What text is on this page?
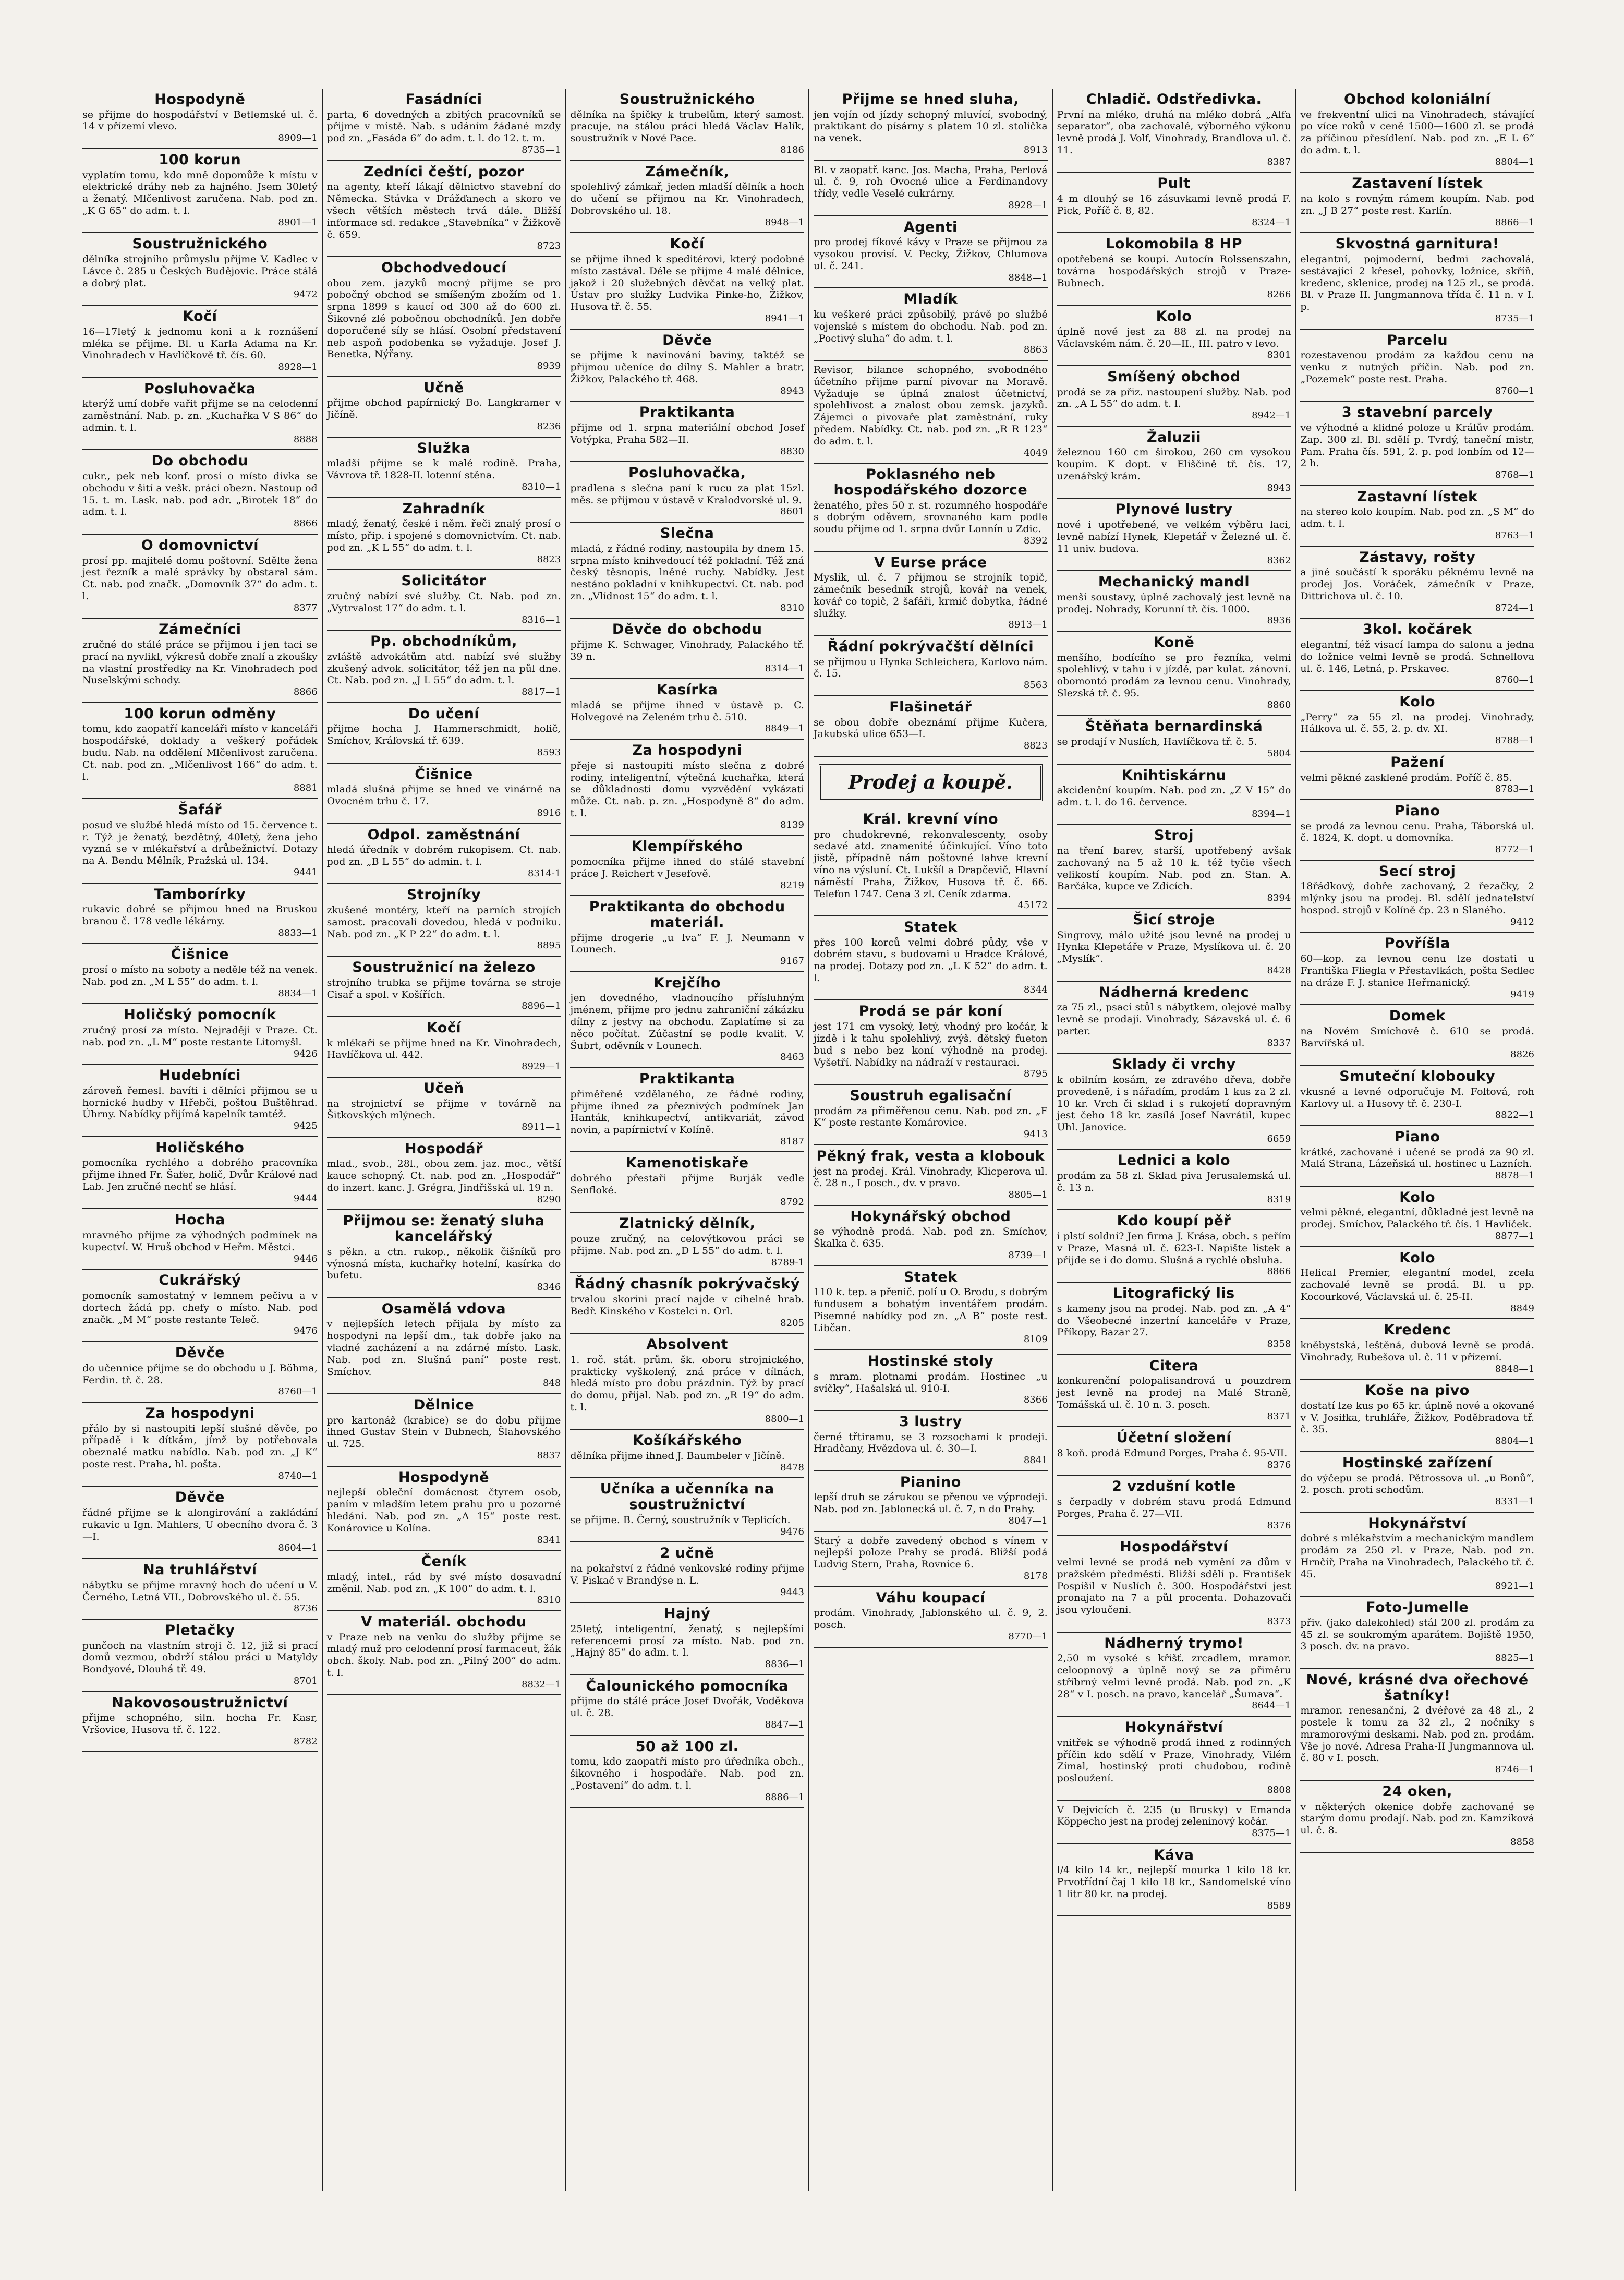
Hospodyně

se přijme do hospodářství v Betlemské ul. č. 14 v přízemí vlevo.

8909—1
100 korun

vyplatím tomu, kdo mně dopomůže k místu v elektrické dráhy neb za hajného. Jsem 30letý a ženatý. Mlčenlivost zaručena. Nab. pod zn. „K G 65“ do adm. t. l.

8901—1
Soustružnického

dělníka strojního průmyslu přijme V. Kadlec v Lávce č. 285 u Českých Budějovic. Práce stálá a dobrý plat.

9472
Kočí

16—17letý k jednomu koni a k roznášení mléka se přijme. Bl. u Karla Adama na Kr. Vinohradech v Havlíčkově tř. čís. 60.

8928—1
Posluhovačka

kterýž umí dobře vařit přijme se na celodenní zaměstnání. Nab. p. zn. „Kuchařka V S 86“ do admin. t. l.

8888
Do obchodu

cukr., pek neb konf. prosí o místo divka se obchodu v šití a vešk. práci obezn. Nastoup od 15. t. m. Lask. nab. pod adr. „Birotek 18“ do adm. t. l.

8866
O domovnictví

prosí pp. majitelé domu poštovní. Sdělte žena jest řezník a malé správky by obstaral sám. Ct. nab. pod značk. „Domovník 37“ do adm. t. l.

8377
Zámečníci

zručné do stálé práce se přijmou i jen taci se prací na nyvlikl, výkresů dobře znalí a zkoušky na vlastní prostředky na Kr. Vinohradech pod Nuselskými schody.

8866
100 korun odměny

tomu, kdo zaopatří kanceláři místo v kanceláři hospodářské, doklady a veškerý pořádek budu. Nab. na oddělení Mlčenlivost zaručena. Ct. nab. pod zn. „Mlčenlivost 166“ do adm. t. l.

8881
Šafář

posud ve službě hledá místo od 15. července t. r. Týž je ženatý, bezdětný, 40letý, žena jeho vyzná se v mlékařství a drůbežnictví. Dotazy na A. Bendu Mělník, Pražská ul. 134.

9441
Tamborírky

rukavic dobré se přijmou hned na Bruskou branou č. 178 vedle lékárny.

8833—1
Čišnice

prosí o místo na soboty a neděle též na venek. Nab. pod zn. „M L 55“ do adm. t. l.

8834—1
Holičský pomocník

zručný prosí za místo. Nejraději v Praze. Ct. nab. pod zn. „L M“ poste restante Litomyšl.

9426
Hudebníci

zároveň řemesl. bavíti i dělníci přijmou se u hornické hudby v Hřebči, poštou Buštěhrad. Úhrny. Nabídky přijímá kapelník tamtéž.

9425
Holičského

pomocníka rychlého a dobrého pracovníka přijme ihned Fr. Šafer, holič, Dvůr Králové nad Lab. Jen zručné nechť se hlásí.

9444
Hocha

mravného přijme za výhodných podmínek na kupectví. W. Hruš obchod v Heřm. Městci.

9446
Cukrářský

pomocník samostatný v lemnem pečivu a v dortech žádá pp. chefy o místo. Nab. pod značk. „M M“ poste restante Teleč.

9476
Děvče

do učennice přijme se do obchodu u J. Böhma, Ferdin. tř. č. 28.

8760—1
Za hospodyni

přálo by si nastoupiti lepší slušné děvče, po případě i k dítkám, jímž by potřebovala obeznalé matku nabídlo. Nab. pod zn. „J K“ poste rest. Praha, hl. pošta.

8740—1
Děvče

řádné přijme se k alongirování a zakládání rukavic u Ign. Mahlers, U obecního dvora č. 3—I.

8604—1
Na truhlářství

nábytku se přijme mravný hoch do učení u V. Černého, Letná VII., Dobrovského ul. č. 55.

8736
Pletačky

punčoch na vlastním stroji č. 12, již si prací domů vezmou, obdrží stálou práci u Matyldy Bondyové, Dlouhá tř. 49.

8701
Nakovosoustružnictví

přijme schopného, siln. hocha Fr. Kasr, Vršovice, Husova tř. č. 122.

8782
Fasádníci

parta, 6 dovedných a zbitých pracovníků se přijme v místě. Nab. s udáním žádané mzdy pod zn. „Fasáda 6“ do adm. t. l. do 12. t. m.

8735—1
Zedníci čeští, pozor

na agenty, kteří lákají dělnictvo stavební do Německa. Stávka v Drážďanech a skoro ve všech větších městech trvá dále. Bližší informace sd. redakce „Stavebníka“ v Žižkově č. 659.

8723
Obchodvedoucí

obou zem. jazyků mocný přijme se pro pobočný obchod se smíšeným zbožím od 1. srpna 1899 s kaucí od 300 až do 600 zl. Šikovné zlé pobočnou obchodníků. Jen dobře doporučené síly se hlásí. Osobní představení neb aspoň podobenka se vyžaduje. Josef J. Benetka, Nýřany.

8939
Učně

přijme obchod papírnický Bo. Langkramer v Jičíně.

8236
Služka

mladší přijme se k malé rodině. Praha, Vávrova tř. 1828-II. lotenní stěna.

8310—1
Zahradník

mladý, ženatý, české i něm. řeči znalý prosí o místo, přip. i spojené s domovnictvím. Ct. nab. pod zn. „K L 55“ do adm. t. l.

8823
Solicitátor

zručný nabízí své služby. Ct. Nab. pod zn. „Vytrvalost 17“ do adm. t. l.

8316—1
Pp. obchodníkům,

zvláště advokátům atd. nabízí své služby zkušený advok. solicitátor, též jen na půl dne. Ct. Nab. pod zn. „J L 55“ do adm. t. l.

8817—1
Do učení

přijme hocha J. Hammerschmidt, holič, Smíchov, Kráľovská tř. 639.

8593
Čišnice

mladá slušná přijme se hned ve vinárně na Ovocném trhu č. 17.

8916
Odpol. zaměstnání

hledá úředník v dobrém rukopisem. Ct. nab. pod zn. „B L 55“ do admin. t. l.

8314-1
Strojníky

zkušené montéry, kteří na parních strojích samost. pracovali dovedou, hledá v podniku. Nab. pod zn. „K P 22“ do adm. t. l.

8895
Soustružnicí na železo

strojního trubka se přijme továrna se stroje Cisař a spol. v Košířích.

8896—1
Kočí

k mlékaři se přijme hned na Kr. Vinohradech, Havlíčkova ul. 442.

8929—1
Učeň

na strojnictví se přijme v továrně na Šitkovských mlýnech.

8911—1
Hospodář

mlad., svob., 28l., obou zem. jaz. moc., větší kauce schopný. Ct. nab. pod zn. „Hospodář“ do inzert. kanc. J. Grégra, Jindřišská ul. 19 n.

8290
Přijmou se: ženatý sluha kancelářský

s pěkn. a ctn. rukop., několik čišníků pro výnosná místa, kuchařky hotelní, kasírka do bufetu.

8346
Osamělá vdova

v nejlepších letech přijala by místo za hospodyni na lepší dm., tak dobře jako na vladné zacházení a na zdárné místo. Lask. Nab. pod zn. Slušná paní“ poste rest. Smíchov.

848
Dělnice

pro kartonáž (krabice) se do dobu přijme ihned Gustav Stein v Bubnech, Šlahovského ul. 725.

8837
Hospodyně

nejlepší obleční domácnost čtyrem osob, paním v mladším letem prahu pro u pozorné hledání. Nab. pod zn. „A 15“ poste rest. Konárovice u Kolína.

8341
Čeník

mladý, intel., rád by své místo dosavadní změnil. Nab. pod zn. „K 100“ do adm. t. l.

8310
V materiál. obchodu

v Praze neb na venku do služby přijme se mladý muž pro celodenní prosí farmaceut, žák obch. školy. Nab. pod zn. „Pilný 200“ do adm. t. l.

8832—1
Soustružnického

dělníka na špičky k trubelům, který samost. pracuje, na stálou práci hledá Václav Halík, soustružník v Nové Pace.

8186
Zámečník,

spolehlivý zámkař, jeden mladší dělník a hoch do učení se přijmou na Kr. Vinohradech, Dobrovského ul. 18.

8948—1
Kočí

se přijme ihned k speditérovi, který podobné místo zastával. Déle se přijme 4 malé dělnice, jakož i 20 služebných děvčat na velký plat. Ústav pro služky Ludvika Pinke-ho, Žižkov, Husova tř. č. 55.

8941—1
Děvče

se přijme k navinování baviny, taktéž se přijmou učeníce do dílny S. Mahler a bratr, Žižkov, Palackého tř. 468.

8943
Praktikanta

přijme od 1. srpna materiální obchod Josef Votýpka, Praha 582—II.

8830
Posluhovačka,

pradlena s slečna paní k rucu za plat 15zl. měs. se přijmou v ústavě v Kralodvorské ul. 9.

8601
Slečna

mladá, z řádné rodiny, nastoupila by dnem 15. srpna místo knihvedoucí též pokladní. Též zná český těsnopis, lněné ruchy. Nabídky. Jest nestáno pokladní v knihkupectví. Ct. nab. pod zn. „Vlídnost 15“ do adm. t. l.

8310
Děvče do obchodu

přijme K. Schwager, Vinohrady, Palackého tř. 39 n.

8314—1
Kasírka

mladá se přijme ihned v ústavě p. C. Holvegové na Zeleném trhu č. 510.

8849—1
Za hospodyni

přeje si nastoupiti místo slečna z dobré rodiny, inteligentní, výtečná kuchařka, která se důkladnosti domu vyzvědění vykázati může. Ct. nab. p. zn. „Hospodyně 8“ do adm. t. l.

8139
Klempířského

pomocníka přijme ihned do stálé stavební práce J. Reichert v Jesefově.

8219
Praktikanta do obchodu materiál.

přijme drogerie „u lva“ F. J. Neumann v Lounech.

9167
Krejčího

jen dovedného, vladnoucího přísluhným jménem, přijme pro jednu zahraniční zákázku dílny z jestvy na obchodu. Zaplatíme si za něco počítat. Zúčastní se podle kvalit. V. Šubrt, oděvník v Lounech.

8463
Praktikanta

přiměřeně vzdělaného, ze řádné rodiny, přijme ihned za přeznivých podmínek Jan Hanták, knihkupectví, antikvariát, závod novin, a papírnictví v Kolíně.

8187
Kamenotiskaře

dobrého přestaři přijme Burják vedle Senfloké.

8792
Zlatnický dělník,

pouze zručný, na celovýtkovou práci se přijme. Nab. pod zn. „D L 55“ do adm. t. l.

8789-1
Řádný chasník pokrývačský

trvalou skorini prací najde v cihelně hrab. Bedř. Kinského v Kostelci n. Orl.

8205
Absolvent

1. roč. stát. prům. šk. oboru strojnického, prakticky vyškolený, zná práce v dílnách, hledá místo pro dobu prázdnin. Týž by prací do domu, přijal. Nab. pod zn. „R 19“ do adm. t. l.

8800—1
Košíkářského

dělníka přijme ihned J. Baumbeler v Jičíně.

8478
Učníka a učenníka na soustružnictví

se přijme. B. Černý, soustružník v Teplicích.

9476
2 učně

na pokařství z řádné venkovské rodiny přijme V. Piskač v Brandýse n. L.

9443
Hajný

25letý, inteligentní, ženatý, s nejlepšími referencemi prosí za místo. Nab. pod zn. „Hajný 85“ do adm. t. l.

8836—1
Čalounického pomocníka

přijme do stálé práce Josef Dvořák, Voděkova ul. č. 28.

8847—1
50 až 100 zl.

tomu, kdo zaopatří místo pro úředníka obch., šikovného i hospodáře. Nab. pod zn. „Postavení“ do adm. t. l.

8886—1
Přijme se hned sluha,

jen vojín od jízdy schopný mluvící, svobodný, praktikant do písárny s platem 10 zl. stolička na venek.

8913

Bl. v zaopatř. kanc. Jos. Macha, Praha, Perlová ul. č. 9, roh Ovocné ulice a Ferdinandovy třídy, vedle Veselé cukrárny.

8928—1
Agenti

pro prodej fíkové kávy v Praze se přijmou za vysokou provisí. V. Pecky, Žižkov, Chlumova ul. č. 241.

8848—1
Mladík

ku veškeré práci způsobilý, právě po službě vojenské s místem do obchodu. Nab. pod zn. „Poctivý sluha“ do adm. t. l.

8863

Revisor, bilance schopného, svobodného účetního přijme parní pivovar na Moravě. Vyžaduje se úplná znalost účetnictví, spolehlivost a znalost obou zemsk. jazyků. Zájemci o pivovaře plat zaměstnání, ruky předem. Nabídky. Ct. nab. pod zn. „R R 123“ do adm. t. l.

4049
Poklasného neb hospodářského dozorce

ženatého, přes 50 r. st. rozumného hospodáře s dobrým oděvem, srovnaného kam podle soudu přijme od 1. srpna dvůr Lonnín u Zdic.

8392
V Eurse práce

Myslík, ul. č. 7 přijmou se strojník topič, zámečník besedník strojů, kovář na venek, kovář co topič, 2 šafáři, krmič dobytka, řádné služky.

8913—1
Řádní pokrývačští dělníci

se přijmou u Hynka Schleichera, Karlovo nám. č. 15.

8563
Flašinetář

se obou dobře obeznámí přijme Kučera, Jakubská ulice 653—I.

8823
Prodej a koupě.
Král. krevní víno

pro chudokrevné, rekonvalescenty, osoby sedavé atd. znamenité účinkující. Víno toto jistě, případně nám poštovné lahve krevní víno na výsluní. Ct. Lukšíl a Drapčevič, Hlavní náměstí Praha, Žižkov, Husova tř. č. 66. Telefon 1747. Cena 3 zl. Ceník zdarma.

45172
Statek

přes 100 korců velmi dobré půdy, vše v dobrém stavu, s budovami u Hradce Králové, na prodej. Dotazy pod zn. „L K 52“ do adm. t. l.

8344
Prodá se pár koní

jest 171 cm vysoký, letý, vhodný pro kočár, k jízdě i k tahu spolehlivý, zvýš. dětský fueton bud s nebo bez koní výhodně na prodej. Vyšetří. Nabídky na nádraží v restauraci.

8795
Soustruh egalisační

prodám za přiměřenou cenu. Nab. pod zn. „F K“ poste restante Komárovice.

9413
Pěkný frak, vesta a klobouk

jest na prodej. Král. Vinohrady, Klicperova ul. č. 28 n., I posch., dv. v pravo.

8805—1
Hokynářský obchod

se výhodně prodá. Nab. pod zn. Smíchov, Škalka č. 635.

8739—1
Statek

110 k. tep. a přenič. polí u O. Brodu, s dobrým fundusem a bohatým inventářem prodám. Pisemné nabídky pod zn. „A B“ poste rest. Libčan.

8109
Hostinské stoly

s mram. plotnami prodám. Hostinec „u svíčky“, Hašalská ul. 910-I.

8366
3 lustry

černé třtiramu, se 3 rozsochami k prodeji. Hradčany, Hvězdova ul. č. 30—I.

8841
Pianino

lepší druh se zárukou se přenou ve výprodeji. Nab. pod zn. Jablonecká ul. č. 7, n do Prahy.

8047—1

Starý a dobře zavedený obchod s vínem v nejlepší poloze Prahy se prodá. Bližší podá Ludvig Stern, Praha, Rovníce 6.

8178
Váhu koupací

prodám. Vinohrady, Jablonského ul. č. 9, 2. posch.

8770—1
Chladič. Odstředivka.

První na mléko, druhá na mléko dobrá „Alfa separator“, oba zachovalé, výborného výkonu levně prodá J. Volf, Vinohrady, Brandlova ul. č. 11.

8387
Pult

4 m dlouhý se 16 zásuvkami levně prodá F. Pick, Poříč č. 8, 82.

8324—1
Lokomobila 8 HP

opotřebená se koupí. Autocín Rolssenszahn, továrna hospodářských strojů v Praze-Bubnech.

8266
Kolo

úplně nové jest za 88 zl. na prodej na Václavském nám. č. 20—II., III. patro v levo.

8301
Smíšený obchod

prodá se za přiz. nastoupení služby. Nab. pod zn. „A L 55“ do adm. t. l.

8942—1
Žaluzii

železnou 160 cm širokou, 260 cm vysokou koupím. K dopt. v Eliščině tř. čís. 17, uzenářský krám.

8943
Plynové lustry

nové i upotřebené, ve velkém výběru laci, levně nabízí Hynek, Klepetář v Železné ul. č. 11 univ. budova.

8362
Mechanický mandl

menší soustavy, úplně zachovalý jest levně na prodej. Nohrady, Korunní tř. čís. 1000.

8936
Koně

menšího, bodícího se pro řezníka, velmi spolehlivý, v tahu i v jízdě, par kulat. zánovní. obomontó prodám za levnou cenu. Vinohrady, Slezská tř. č. 95.

8860
Štěňata bernardinská

se prodají v Nuslích, Havlíčkova tř. č. 5.

5804
Knihtiskárnu

akcidenční koupím. Nab. pod zn. „Z V 15“ do adm. t. l. do 16. července.

8394—1
Stroj

na tření barev, starší, upotřebený avšak zachovaný na 5 až 10 k. též tyčie všech velikostí koupím. Nab. pod zn. Stan. A. Barčáka, kupce ve Zdicích.

8394
Šicí stroje

Singrovy, málo užité jsou levně na prodej u Hynka Klepetáře v Praze, Myslíkova ul. č. 20 „Myslík“.

8428
Nádherná kredenc

za 75 zl., psací stůl s nábytkem, olejové malby levně se prodají. Vinohrady, Sázavská ul. č. 6 parter.

8337
Sklady či vrchy

k obilním kosám, ze zdravého dřeva, dobře provedeně, i s nářadím, prodám 1 kus za 2 zl. 10 kr. Vrch či sklad i s rukojetí dopravným jest čeho 18 kr. zasílá Josef Navrátil, kupec Uhl. Janovice.

6659
Lednici a kolo

prodám za 58 zl. Sklad piva Jerusalemská ul. č. 13 n.

8319
Kdo koupí pěř

i plstí soldní? Jen firma J. Krása, obch. s peřím v Praze, Masná ul. č. 623-I. Napište lístek a přijde se i do domu. Slušná a rychlé obsluha.

8866
Litografický lis

s kameny jsou na prodej. Nab. pod zn. „A 4“ do Všeobecné inzertní kanceláře v Praze, Příkopy, Bazar 27.

8358
Citera

konkurenční polopalisandrová u pouzdrem jest levně na prodej na Malé Straně, Tomášská ul. č. 10 n. 3. posch.

8371
Účetní složení

8 koň. prodá Edmund Porges, Praha č. 95-VII.

8376
2 vzdušní kotle

s čerpadly v dobrém stavu prodá Edmund Porges, Praha č. 27—VII.

8376
Hospodářství

velmi levné se prodá neb vymění za dům v pražském předměstí. Bližší sdělí p. František Pospíšil v Nuslích č. 300. Hospodářství jest pronajato na 7 a půl procenta. Dohazovači jsou vyloučeni.

8373
Nádherný trymo!

2,50 m vysoké s křišť. zrcadlem, mramor. celoopnový a úplně nový se za přiměru stříbrný velmi levně prodá. Nab. pod zn. „K 28“ v I. posch. na pravo, kancelář „Šumava“.

8644—1
Hokynářství

vnitřek se výhodně prodá ihned z rodinných příčin kdo sdělí v Praze, Vinohrady, Vilém Zímal, hostinský proti chudobou, rodině posloužení.

8808

V Dejvicích č. 235 (u Brusky) v Emanda Köppecho jest na prodej zeleninový kočár.

8375—1
Káva

l/4 kilo 14 kr., nejlepší mourka 1 kilo 18 kr. Prvotřídní čaj 1 kilo 18 kr., Sandomelské víno 1 litr 80 kr. na prodej.

8589
Obchod koloniální

ve frekventní ulici na Vinohradech, stávající po více roků v ceně 1500—1600 zl. se prodá za příčinou přesídlení. Nab. pod zn. „E L 6“ do adm. t. l.

8804—1
Zastavení lístek

na kolo s rovným rámem koupím. Nab. pod zn. „J B 27“ poste rest. Karlín.

8866—1
Skvostná garnitura!

elegantní, pojmoderní, bedmi zachovalá, sestávající 2 křesel, pohovky, ložnice, skříň, kredenc, sklenice, prodej na 125 zl., se prodá. Bl. v Praze II. Jungmannova třída č. 11 n. v I. p.

8735—1
Parcelu

rozestavenou prodám za každou cenu na venku z nutných příčin. Nab. pod zn. „Pozemek“ poste rest. Praha.

8760—1
3 stavební parcely

ve výhodné a klidné poloze u Králův prodám. Zap. 300 zl. Bl. sdělí p. Tvrdý, taneční mistr, Pam. Praha čís. 591, 2. p. pod lonbím od 12—2 h.

8768—1
Zastavní lístek

na stereo kolo koupím. Nab. pod zn. „S M“ do adm. t. l.

8763—1
Zástavy, rošty

a jiné součástí k sporáku pěknému levně na prodej Jos. Voráček, zámečník v Praze, Dittrichova ul. č. 10.

8724—1
3kol. kočárek

elegantní, též visací lampa do salonu a jedna do ložnice velmi levně se prodá. Schnellova ul. č. 146, Letná, p. Prskavec.

8760—1
Kolo

„Perry“ za 55 zl. na prodej. Vinohrady, Hálkova ul. č. 55, 2. p. dv. XI.

8788—1
Pažení

velmi pěkné zasklené prodám. Poříč č. 85.

8783—1
Piano

se prodá za levnou cenu. Praha, Táborská ul. č. 1824, K. dopt. u domovníka.

8772—1
Secí stroj

18řádkový, dobře zachovaný, 2 řezačky, 2 mlýnky jsou na prodej. Bl. sdělí jednatelství hospod. strojů v Kolíně čp. 23 n Slaného.

9412
Povříšla

60—kop. za levnou cenu lze dostati u Františka Fliegla v Přestavlkách, pošta Sedlec na dráze F. J. stanice Heřmanický.

9419
Domek

na Novém Smíchově č. 610 se prodá. Barvířská ul.

8826
Smuteční klobouky

vkusné a levné odporučuje M. Foltová, roh Karlovy ul. a Husovy tř. č. 230-I.

8822—1
Piano

krátké, zachované i učené se prodá za 90 zl. Malá Strana, Lázeňská ul. hostinec u Lazních.

8878—1
Kolo

velmi pěkné, elegantní, důkladné jest levně na prodej. Smíchov, Palackého tř. čís. 1 Havlíček.

8877—1
Kolo

Helical Premier, elegantní model, zcela zachovalé levně se prodá. Bl. u pp. Kocourkové, Václavská ul. č. 25-II.

8849
Kredenc

kněbystská, leštěná, dubová levně se prodá. Vinohrady, Rubešova ul. č. 11 v přízemí.

8848—1
Koše na pivo

dostatí lze kus po 65 kr. úplně nové a okované v V. Josifka, truhláře, Žižkov, Poděbradova tř. č. 35.

8804—1
Hostinské zařízení

do výčepu se prodá. Pětrossova ul. „u Bonů“, 2. posch. proti schodům.

8331—1
Hokynářství

dobré s mlékařstvím a mechanickým mandlem prodám za 250 zl. v Praze, Nab. pod zn. Hrnčíř, Praha na Vinohradech, Palackého tř. č. 45.

8921—1
Foto-Jumelle

přiv. (jako dalekohled) stál 200 zl. prodám za 45 zl. se soukromým aparátem. Bojiště 1950, 3 posch. dv. na pravo.

8825—1
Nové, krásné dva ořechové šatníky!

mramor. renesanční, 2 dvéřové za 48 zl., 2 postele k tomu za 32 zl., 2 nočníky s mramorovými deskami. Nab. pod zn. prodám. Vše jo nové. Adresa Praha-II Jungmannova ul. č. 80 v I. posch.

8746—1
24 oken,

v některých okenice dobře zachované se starým domu prodají. Nab. pod zn. Kamzíková ul. č. 8.

8858
